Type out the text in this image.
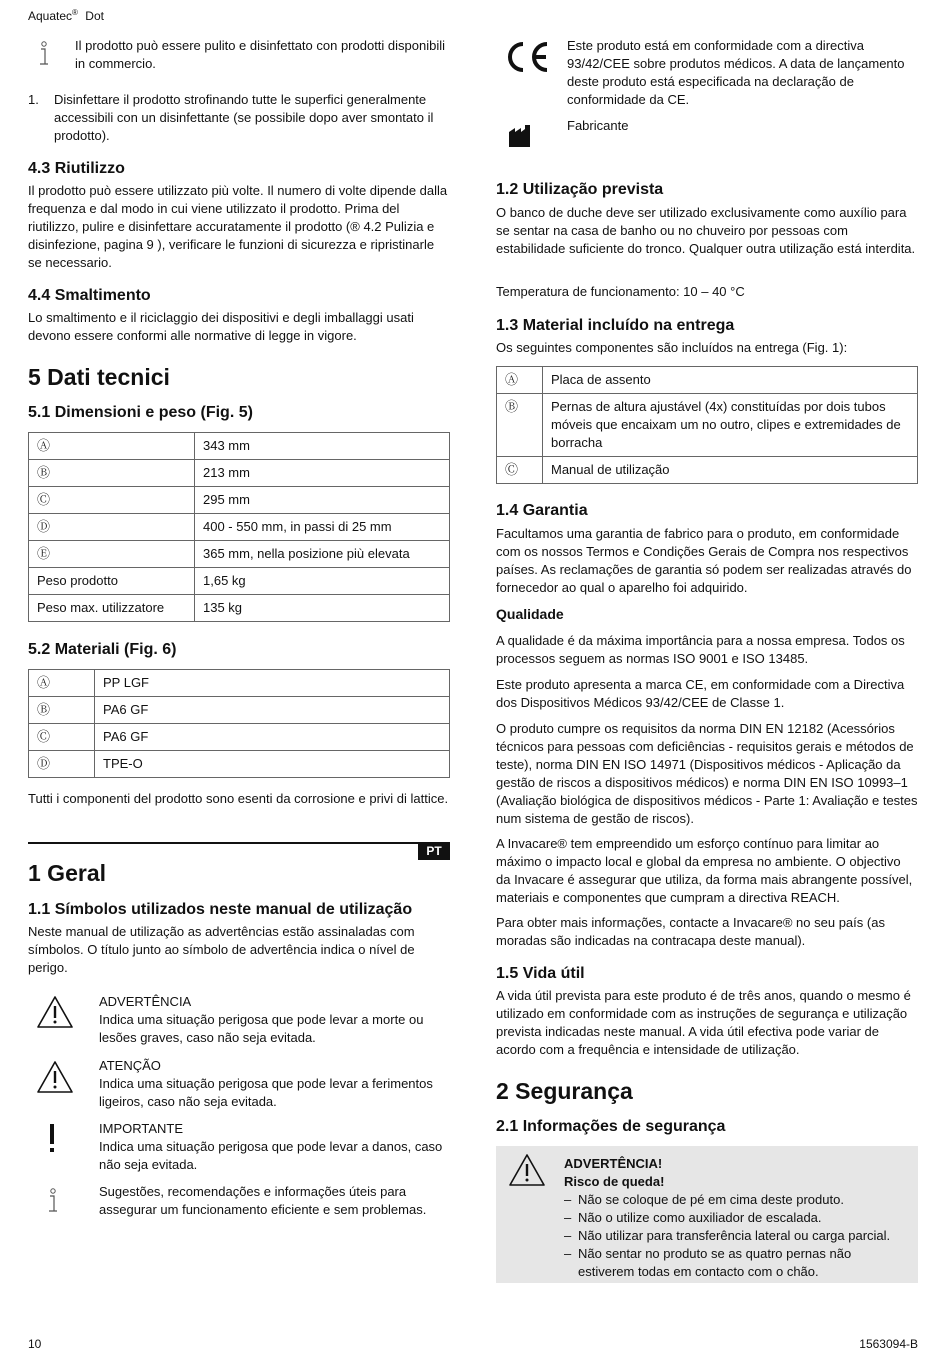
Aquatec® Dot

Il prodotto può essere pulito e disinfettato con prodotti disponibili in commercio.

1. Disinfettare il prodotto strofinando tutte le superfici generalmente accessibili con un disinfettante (se possibile dopo aver smontato il prodotto).

4.3 Riutilizzo

Il prodotto può essere utilizzato più volte. Il numero di volte dipende dalla frequenza e dal modo in cui viene utilizzato il prodotto. Prima del riutilizzo, pulire e disinfettare accuratamente il prodotto (® 4.2 Pulizia e disinfezione, pagina 9 ), verificare le funzioni di sicurezza e ripristinarle se necessario.

4.4 Smaltimento

Lo smaltimento e il riciclaggio dei dispositivi e degli imballaggi usati devono essere conformi alle normative di legge in vigore.

5 Dati tecnici
5.1 Dimensioni e peso (Fig. 5)
Ⓐ	343 mm
Ⓑ	213 mm
Ⓒ	295 mm
Ⓓ	400 - 550 mm, in passi di 25 mm
Ⓔ	365 mm, nella posizione più elevata
Peso prodotto	1,65 kg
Peso max. utilizzatore	135 kg
5.2 Materiali (Fig. 6)
Ⓐ	PP LGF
Ⓑ	PA6 GF
Ⓒ	PA6 GF
Ⓓ	TPE-O

Tutti i componenti del prodotto sono esenti da corrosione e privi di lattice.

PT
1 Geral
1.1 Símbolos utilizados neste manual de utilização

Neste manual de utilização as advertências estão assinaladas com símbolos. O título junto ao símbolo de advertência indica o nível de perigo.

ADVERTÊNCIA

Indica uma situação perigosa que pode levar a morte ou lesões graves, caso não seja evitada.

ATENÇÃO

Indica uma situação perigosa que pode levar a ferimentos ligeiros, caso não seja evitada.

IMPORTANTE

Indica uma situação perigosa que pode levar a danos, caso não seja evitada.

Sugestões, recomendações e informações úteis para assegurar um funcionamento eficiente e sem problemas.

Este produto está em conformidade com a directiva 93/42/CEE sobre produtos médicos. A data de lançamento deste produto está especificada na declaração de conformidade da CE.

Fabricante

1.2 Utilização prevista

O banco de duche deve ser utilizado exclusivamente como auxílio para se sentar na casa de banho ou no chuveiro por pessoas com estabilidade suficiente do tronco. Qualquer outra utilização está interdita.

Temperatura de funcionamento: 10 – 40 °C

1.3 Material incluído na entrega

Os seguintes componentes são incluídos na entrega (Fig. 1):

Ⓐ	Placa de assento
Ⓑ	Pernas de altura ajustável (4x) constituídas por dois tubos móveis que encaixam um no outro, clipes e extremidades de borracha
Ⓒ	Manual de utilização
1.4 Garantia

Facultamos uma garantia de fabrico para o produto, em conformidade com os nossos Termos e Condições Gerais de Compra nos respectivos países. As reclamações de garantia só podem ser realizadas através do fornecedor ao qual o aparelho foi adquirido.

Qualidade

A qualidade é da máxima importância para a nossa empresa. Todos os processos seguem as normas ISO 9001 e ISO 13485.

Este produto apresenta a marca CE, em conformidade com a Directiva dos Dispositivos Médicos 93/42/CEE de Classe 1.

O produto cumpre os requisitos da norma DIN EN 12182 (Acessórios técnicos para pessoas com deficiências - requisitos gerais e métodos de teste), norma DIN EN ISO 14971 (Dispositivos médicos - Aplicação da gestão de riscos a dispositivos médicos) e norma DIN EN ISO 10993–1 (Avaliação biológica de dispositivos médicos - Parte 1: Avaliação e testes num sistema de gestão de riscos).

A Invacare® tem empreendido um esforço contínuo para limitar ao máximo o impacto local e global da empresa no ambiente. O objectivo da Invacare é assegurar que utiliza, da forma mais abrangente possível, materiais e componentes que cumpram a directiva REACH.

Para obter mais informações, contacte a Invacare® no seu país (as moradas são indicadas na contracapa deste manual).

1.5 Vida útil

A vida útil prevista para este produto é de três anos, quando o mesmo é utilizado em conformidade com as instruções de segurança e utilização prevista indicadas neste manual. A vida útil efectiva pode variar de acordo com a frequência e intensidade de utilização.

2 Segurança
2.1 Informações de segurança
ADVERTÊNCIA!
Risco de queda!
– Não se coloque de pé em cima deste produto.
– Não o utilize como auxiliador de escalada.
– Não utilizar para transferência lateral ou carga parcial.
– Não sentar no produto se as quatro pernas não estiverem todas em contacto com o chão.
10	1563094-B
